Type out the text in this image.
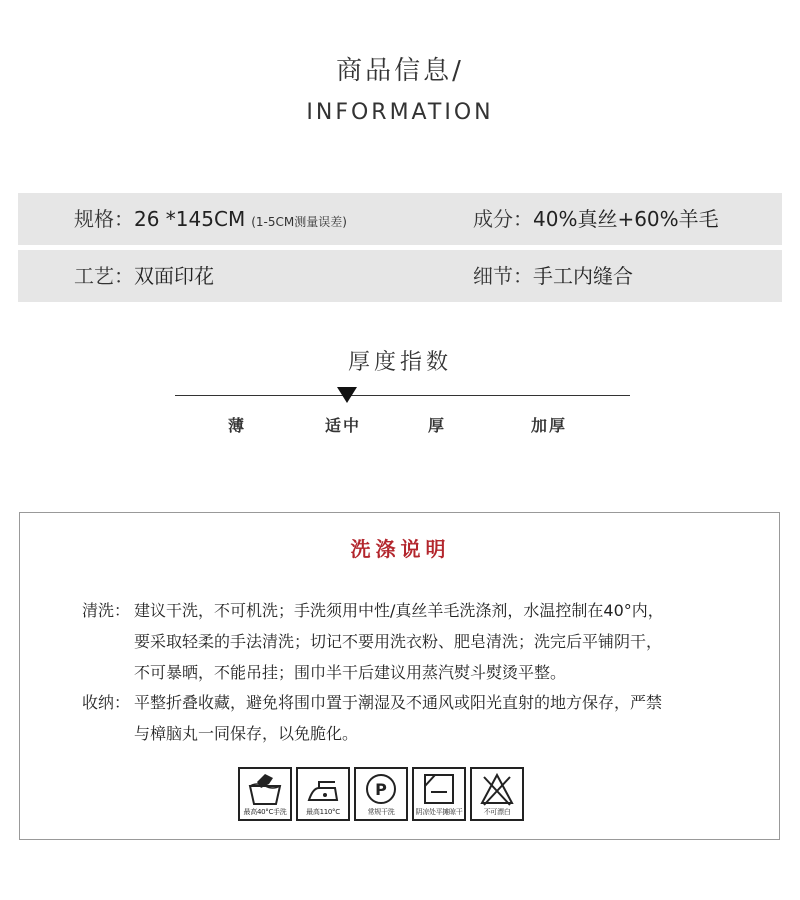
商品信息/
INFORMATION
规格：26 *145CM (1-5CM测量误差)	成分：40%真丝+60%羊毛
工艺：双面印花	细节：手工内缝合
厚度指数
薄	适中	厚	加厚
洗涤说明
清洗： 建议干洗，不可机洗；手洗须用中性/真丝羊毛洗涤剂，水温控制在40°内，
要采取轻柔的手法清洗；切记不要用洗衣粉、肥皂清洗；洗完后平铺阴干，
不可暴晒，不能吊挂；围巾半干后建议用蒸汽熨斗熨烫平整。
收纳： 平整折叠收藏，避免将围巾置于潮湿及不通风或阳光直射的地方保存，严禁
与樟脑丸一同保存，以免脆化。
最高40°C手洗	最高110°C
P
常规干洗	阴凉处平摊晾干	不可漂白
